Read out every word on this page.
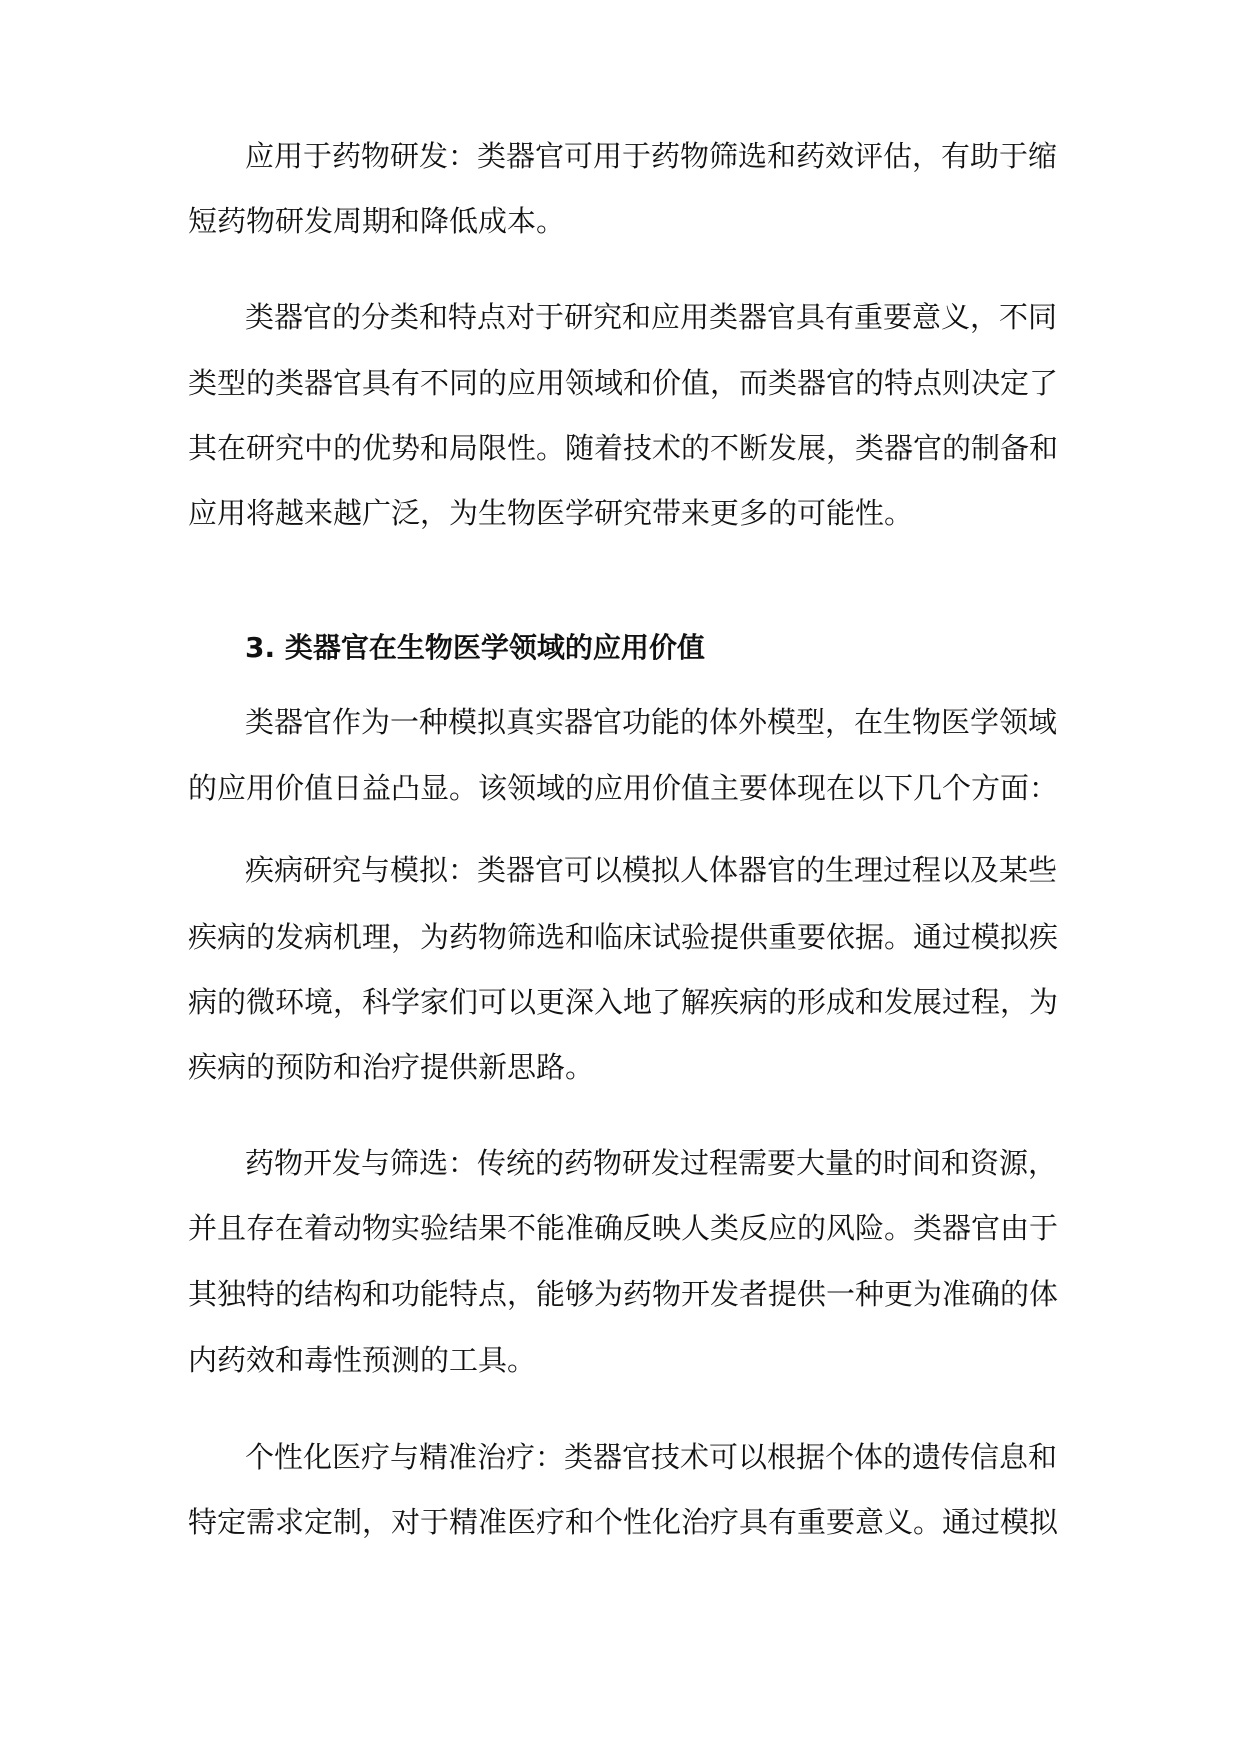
应用于药物研发：类器官可用于药物筛选和药效评估，有助于缩

短药物研发周期和降低成本。

类器官的分类和特点对于研究和应用类器官具有重要意义，不同

类型的类器官具有不同的应用领域和价值，而类器官的特点则决定了

其在研究中的优势和局限性。随着技术的不断发展，类器官的制备和

应用将越来越广泛，为生物医学研究带来更多的可能性。

3. 类器官在生物医学领域的应用价值

类器官作为一种模拟真实器官功能的体外模型，在生物医学领域

的应用价值日益凸显。该领域的应用价值主要体现在以下几个方面：

疾病研究与模拟：类器官可以模拟人体器官的生理过程以及某些

疾病的发病机理，为药物筛选和临床试验提供重要依据。通过模拟疾

病的微环境，科学家们可以更深入地了解疾病的形成和发展过程，为

疾病的预防和治疗提供新思路。

药物开发与筛选：传统的药物研发过程需要大量的时间和资源，

并且存在着动物实验结果不能准确反映人类反应的风险。类器官由于

其独特的结构和功能特点，能够为药物开发者提供一种更为准确的体

内药效和毒性预测的工具。

个性化医疗与精准治疗：类器官技术可以根据个体的遗传信息和

特定需求定制，对于精准医疗和个性化治疗具有重要意义。通过模拟
